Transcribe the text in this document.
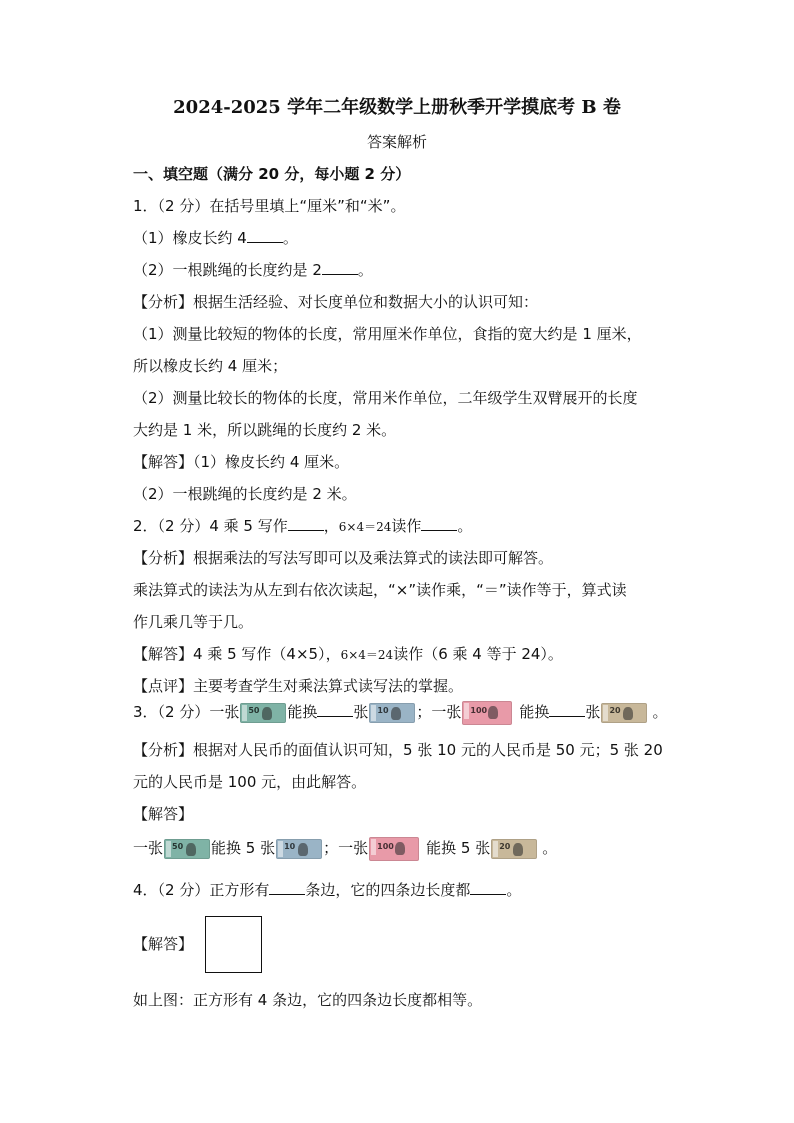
2024-2025 学年二年级数学上册秋季开学摸底考 B 卷
答案解析
一、填空题（满分 20 分，每小题 2 分）
1．（2 分）在括号里填上“厘米”和“米”。
（1）橡皮长约 4 。
（2）一根跳绳的长度约是 2 。
【分析】根据生活经验、对长度单位和数据大小的认识可知：
（1）测量比较短的物体的长度，常用厘米作单位，食指的宽大约是 1 厘米，
所以橡皮长约 4 厘米；
（2）测量比较长的物体的长度，常用米作单位，二年级学生双臂展开的长度
大约是 1 米，所以跳绳的长度约 2 米。
【解答】（1）橡皮长约 4 厘米。
（2）一根跳绳的长度约是 2 米。
2．（2 分）4 乘 5 写作 ，6×4＝24读作 。
【分析】根据乘法的写法写即可以及乘法算式的读法即可解答。
乘法算式的读法为从左到右依次读起，“×”读作乘，“＝”读作等于，算式读
作几乘几等于几。
【解答】4 乘 5 写作（4×5），6×4＝24读作（6 乘 4 等于 24）。
【点评】主要考查学生对乘法算式读写法的掌握。
3．（2 分）一张 50 能换 张 10 ；一张 100 能换 张 20 。
【分析】根据对人民币的面值认识可知，5 张 10 元的人民币是 50 元；5 张 20
元的人民币是 100 元，由此解答。
【解答】
一张 50 能换 5 张 10 ；一张 100 能换 5 张 20 。
4．（2 分）正方形有 条边，它的四条边长度都 。
【解答】
如上图：正方形有 4 条边，它的四条边长度都相等。
